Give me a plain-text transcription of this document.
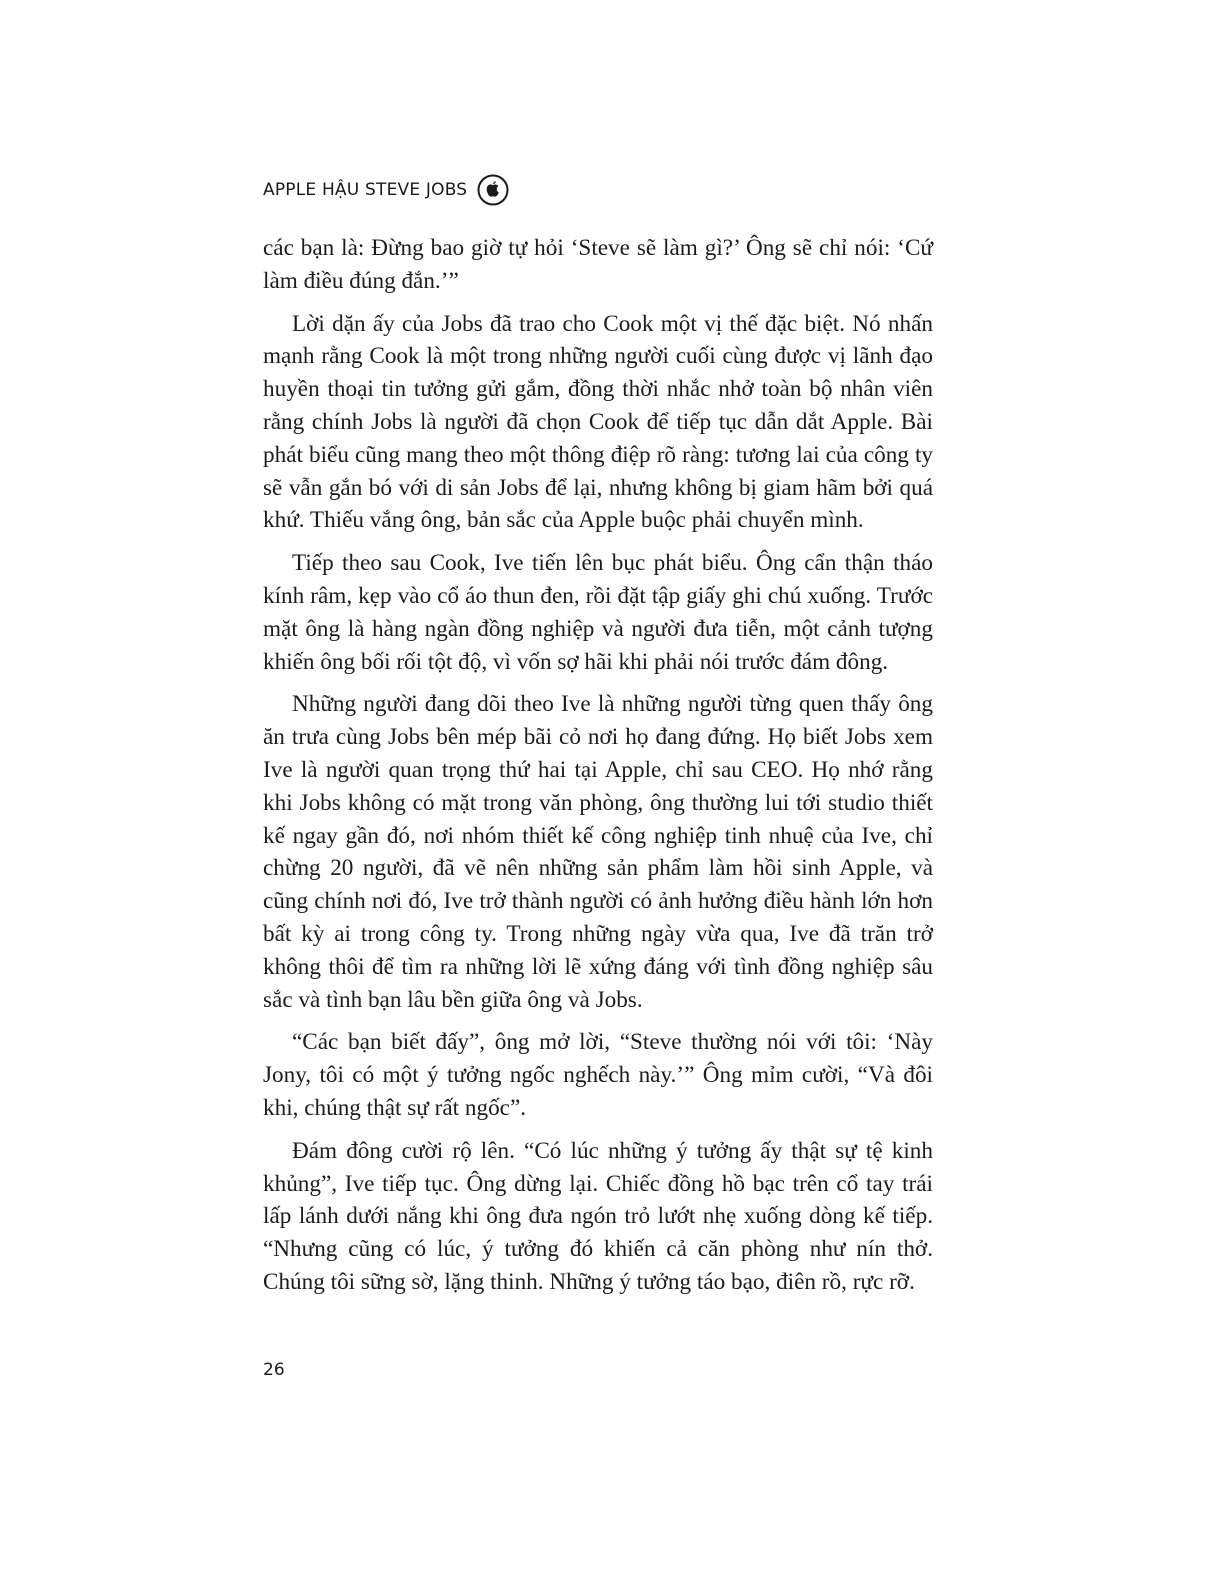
APPLE HẬU STEVE JOBS

các bạn là: Đừng bao giờ tự hỏi ‘Steve sẽ làm gì?’ Ông sẽ chỉ nói: ‘Cứ làm điều đúng đắn.’”

Lời dặn ấy của Jobs đã trao cho Cook một vị thế đặc biệt. Nó nhấn mạnh rằng Cook là một trong những người cuối cùng được vị lãnh đạo huyền thoại tin tưởng gửi gắm, đồng thời nhắc nhở toàn bộ nhân viên rằng chính Jobs là người đã chọn Cook để tiếp tục dẫn dắt Apple. Bài phát biểu cũng mang theo một thông điệp rõ ràng: tương lai của công ty sẽ vẫn gắn bó với di sản Jobs để lại, nhưng không bị giam hãm bởi quá khứ. Thiếu vắng ông, bản sắc của Apple buộc phải chuyển mình.

Tiếp theo sau Cook, Ive tiến lên bục phát biểu. Ông cẩn thận tháo kính râm, kẹp vào cổ áo thun đen, rồi đặt tập giấy ghi chú xuống. Trước mặt ông là hàng ngàn đồng nghiệp và người đưa tiễn, một cảnh tượng khiến ông bối rối tột độ, vì vốn sợ hãi khi phải nói trước đám đông.

Những người đang dõi theo Ive là những người từng quen thấy ông ăn trưa cùng Jobs bên mép bãi cỏ nơi họ đang đứng. Họ biết Jobs xem Ive là người quan trọng thứ hai tại Apple, chỉ sau CEO. Họ nhớ rằng khi Jobs không có mặt trong văn phòng, ông thường lui tới studio thiết kế ngay gần đó, nơi nhóm thiết kế công nghiệp tinh nhuệ của Ive, chỉ chừng 20 người, đã vẽ nên những sản phẩm làm hồi sinh Apple, và cũng chính nơi đó, Ive trở thành người có ảnh hưởng điều hành lớn hơn bất kỳ ai trong công ty. Trong những ngày vừa qua, Ive đã trăn trở không thôi để tìm ra những lời lẽ xứng đáng với tình đồng nghiệp sâu sắc và tình bạn lâu bền giữa ông và Jobs.

“Các bạn biết đấy”, ông mở lời, “Steve thường nói với tôi: ‘Này Jony, tôi có một ý tưởng ngốc nghếch này.’” Ông mỉm cười, “Và đôi khi, chúng thật sự rất ngốc”.

Đám đông cười rộ lên. “Có lúc những ý tưởng ấy thật sự tệ kinh khủng”, Ive tiếp tục. Ông dừng lại. Chiếc đồng hồ bạc trên cổ tay trái lấp lánh dưới nắng khi ông đưa ngón trỏ lướt nhẹ xuống dòng kế tiếp. “Nhưng cũng có lúc, ý tưởng đó khiến cả căn phòng như nín thở. Chúng tôi sững sờ, lặng thinh. Những ý tưởng táo bạo, điên rồ, rực rỡ.

26
